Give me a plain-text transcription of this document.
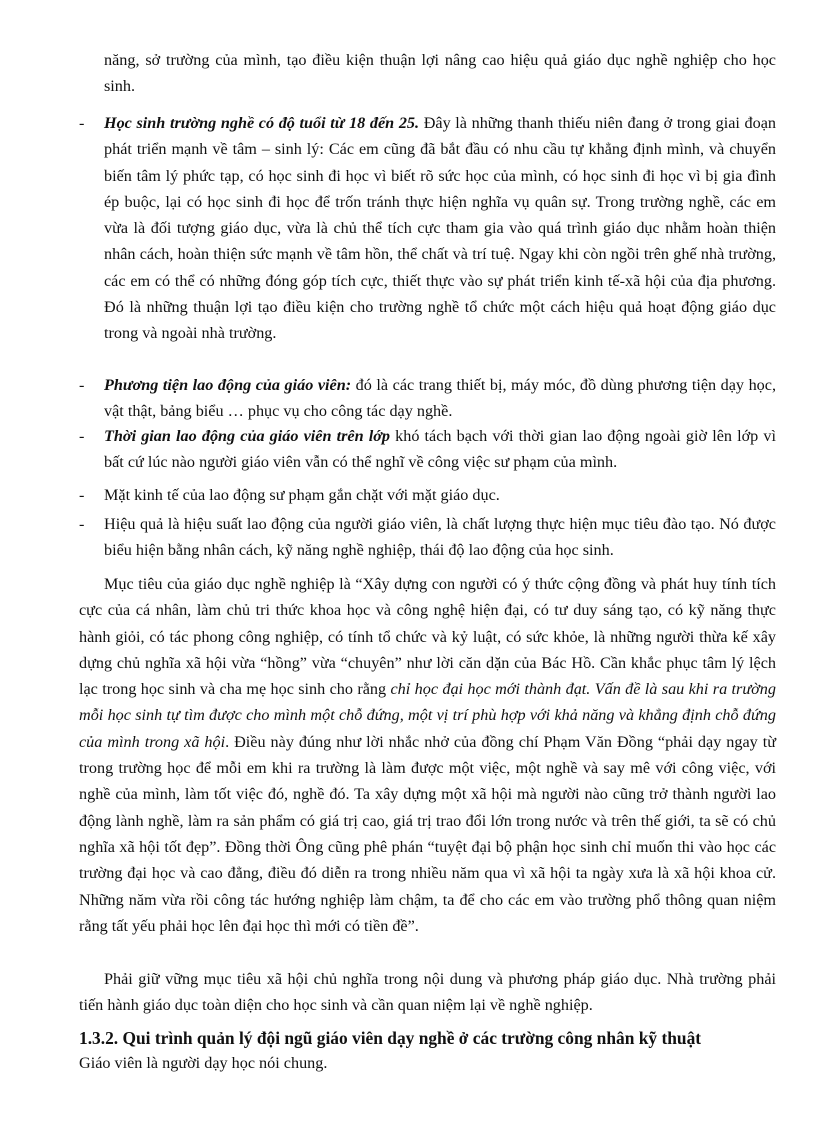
năng, sở trường của mình, tạo điều kiện thuận lợi nâng cao hiệu quả giáo dục nghề nghiệp cho học sinh.

- Học sinh trường nghề có độ tuổi từ 18 đến 25. Đây là những thanh thiếu niên đang ở trong giai đoạn phát triển mạnh về tâm – sinh lý: Các em cũng đã bắt đầu có nhu cầu tự khẳng định mình, và chuyển biến tâm lý phức tạp, có học sinh đi học vì biết rõ sức học của mình, có học sinh đi học vì bị gia đình ép buộc, lại có học sinh đi học để trốn tránh thực hiện nghĩa vụ quân sự. Trong trường nghề, các em vừa là đối tượng giáo dục, vừa là chủ thể tích cực tham gia vào quá trình giáo dục nhằm hoàn thiện nhân cách, hoàn thiện sức mạnh về tâm hồn, thể chất và trí tuệ. Ngay khi còn ngồi trên ghế nhà trường, các em có thể có những đóng góp tích cực, thiết thực vào sự phát triển kinh tế-xã hội của địa phương. Đó là những thuận lợi tạo điều kiện cho trường nghề tổ chức một cách hiệu quả hoạt động giáo dục trong và ngoài nhà trường.

- Phương tiện lao động của giáo viên: đó là các trang thiết bị, máy móc, đồ dùng phương tiện dạy học, vật thật, bảng biểu … phục vụ cho công tác dạy nghề.

- Thời gian lao động của giáo viên trên lớp khó tách bạch với thời gian lao động ngoài giờ lên lớp vì bất cứ lúc nào người giáo viên vẫn có thể nghĩ về công việc sư phạm của mình.

- Mặt kinh tế của lao động sư phạm gắn chặt với mặt giáo dục.

- Hiệu quả là hiệu suất lao động của người giáo viên, là chất lượng thực hiện mục tiêu đào tạo. Nó được biểu hiện bằng nhân cách, kỹ năng nghề nghiệp, thái độ lao động của học sinh.

Mục tiêu của giáo dục nghề nghiệp là “Xây dựng con người có ý thức cộng đồng và phát huy tính tích cực của cá nhân, làm chủ tri thức khoa học và công nghệ hiện đại, có tư duy sáng tạo, có kỹ năng thực hành giỏi, có tác phong công nghiệp, có tính tổ chức và kỷ luật, có sức khỏe, là những người thừa kế xây dựng chủ nghĩa xã hội vừa “hồng” vừa “chuyên” như lời căn dặn của Bác Hồ. Cần khắc phục tâm lý lệch lạc trong học sinh và cha mẹ học sinh cho rằng chỉ học đại học mới thành đạt. Vấn đề là sau khi ra trường mỗi học sinh tự tìm được cho mình một chỗ đứng, một vị trí phù hợp với khả năng và khẳng định chỗ đứng của mình trong xã hội. Điều này đúng như lời nhắc nhở của đồng chí Phạm Văn Đồng “phải dạy ngay từ trong trường học để mỗi em khi ra trường là làm được một việc, một nghề và say mê với công việc, với nghề của mình, làm tốt việc đó, nghề đó. Ta xây dựng một xã hội mà người nào cũng trở thành người lao động lành nghề, làm ra sản phẩm có giá trị cao, giá trị trao đổi lớn trong nước và trên thế giới, ta sẽ có chủ nghĩa xã hội tốt đẹp”. Đồng thời Ông cũng phê phán “tuyệt đại bộ phận học sinh chỉ muốn thi vào học các trường đại học và cao đẳng, điều đó diễn ra trong nhiều năm qua vì xã hội ta ngày xưa là xã hội khoa cử. Những năm vừa rồi công tác hướng nghiệp làm chậm, ta để cho các em vào trường phổ thông quan niệm rằng tất yếu phải học lên đại học thì mới có tiền đề”.

Phải giữ vững mục tiêu xã hội chủ nghĩa trong nội dung và phương pháp giáo dục. Nhà trường phải tiến hành giáo dục toàn diện cho học sinh và cần quan niệm lại về nghề nghiệp.

1.3.2. Qui trình quản lý đội ngũ giáo viên dạy nghề ở các trường công nhân kỹ thuật

Giáo viên là người dạy học nói chung.
